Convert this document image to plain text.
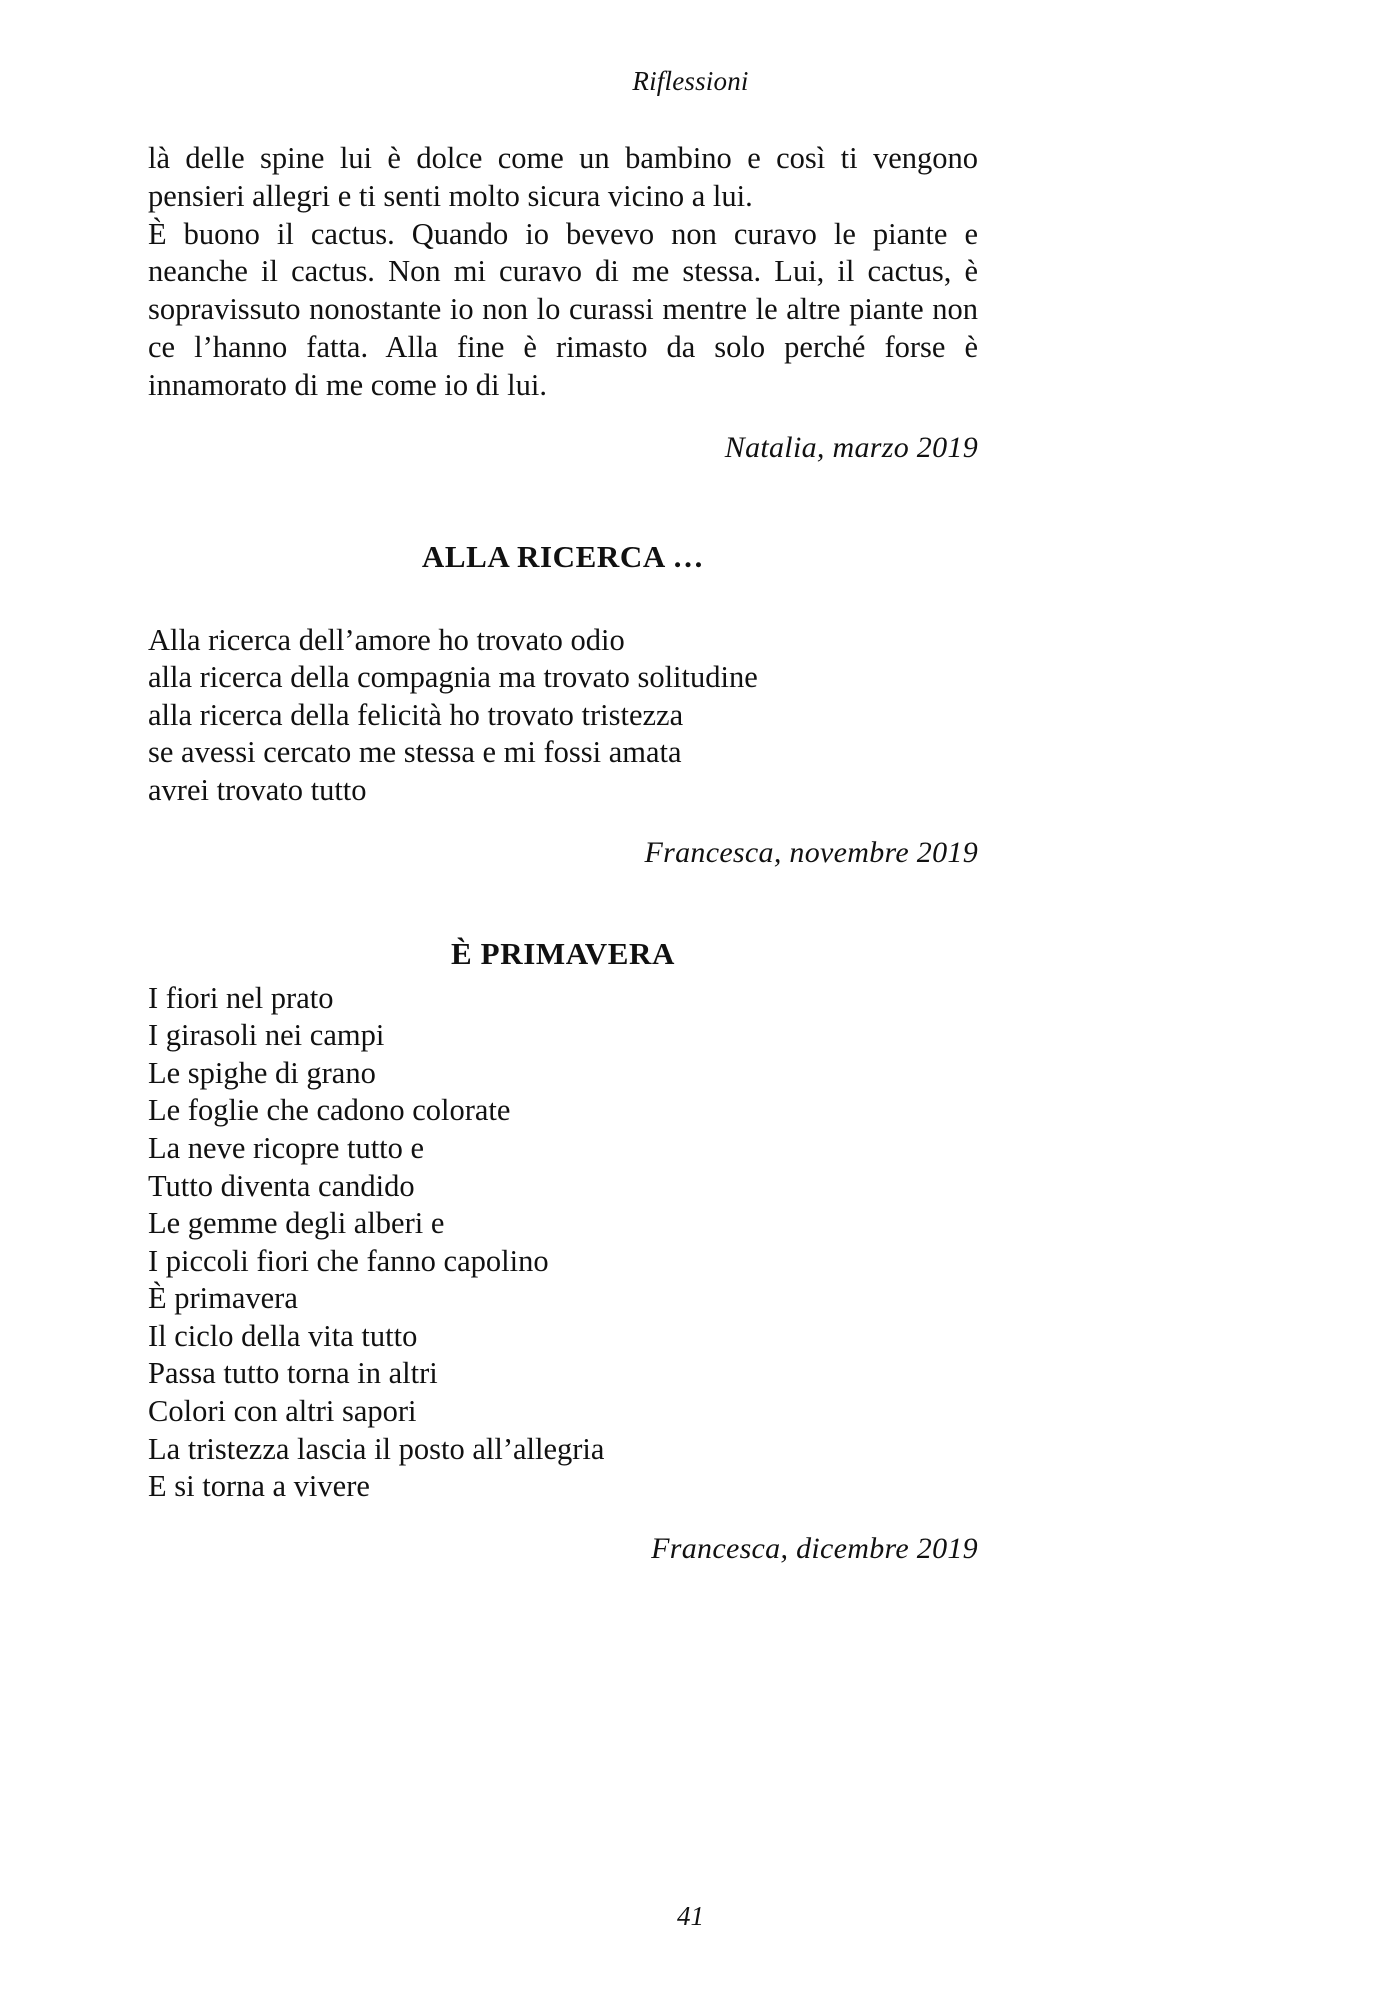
Riflessioni

là delle spine lui è dolce come un bambino e così ti vengono pensieri allegri e ti senti molto sicura vicino a lui.

È buono il cactus. Quando io bevevo non curavo le piante e neanche il cactus. Non mi curavo di me stessa. Lui, il cactus, è sopravissuto nonostante io non lo curassi mentre le altre piante non ce l’hanno fatta. Alla fine è rimasto da solo perché forse è innamorato di me come io di lui.

Natalia, marzo 2019
ALLA RICERCA …
Alla ricerca dell’amore ho trovato odio
alla ricerca della compagnia ma trovato solitudine
alla ricerca della felicità ho trovato tristezza
se avessi cercato me stessa e mi fossi amata
avrei trovato tutto
Francesca, novembre 2019
È PRIMAVERA
I fiori nel prato
I girasoli nei campi
Le spighe di grano
Le foglie che cadono colorate
La neve ricopre tutto e
Tutto diventa candido
Le gemme degli alberi e
I piccoli fiori che fanno capolino
È primavera
Il ciclo della vita tutto
Passa tutto torna in altri
Colori con altri sapori
La tristezza lascia il posto all’allegria
E si torna a vivere
Francesca, dicembre 2019
41
